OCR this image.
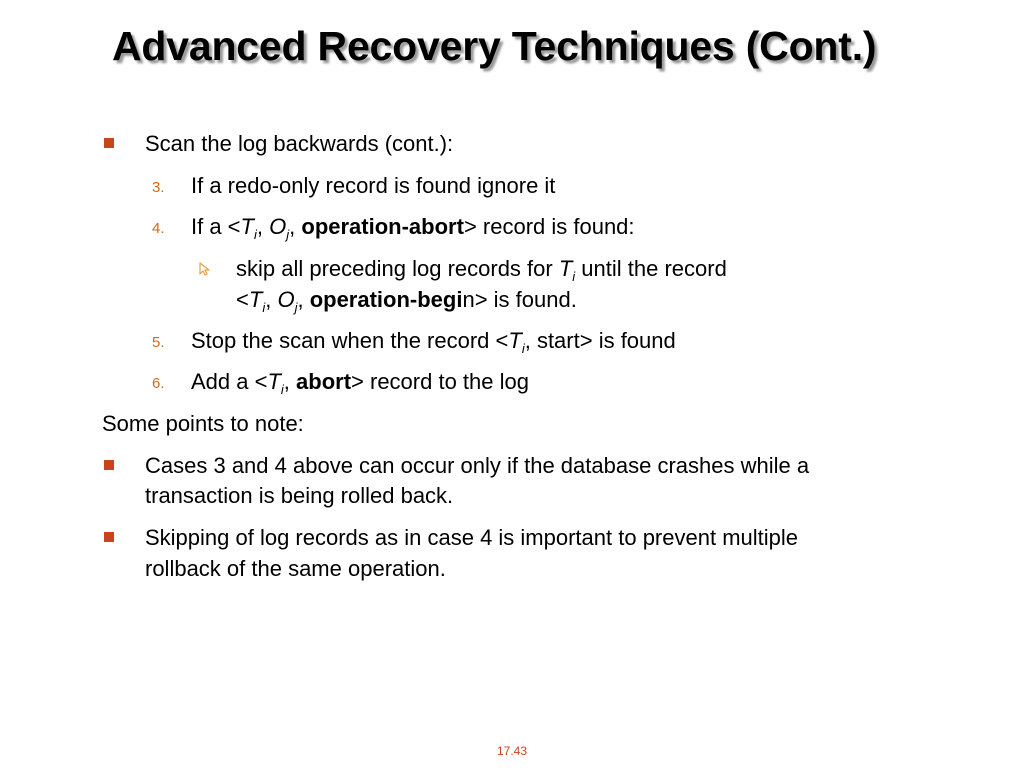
Advanced Recovery Techniques (Cont.)
Scan the log backwards (cont.):
3. If a redo-only record is found ignore it
4. If $a <T_i$, $O_j$, operation-abort> record is found:
skip all preceding log records for $T_i$ until the record
$<T_i$, $O_j$, operation-begin> is found.
5. Stop the scan when the record $<T_i$, start> is found
6. Add $a <T_i$, abort> record to the log
Some points to note:
Cases 3 and 4 above can occur only if the database crashes while a
transaction is being rolled back.
Skipping of log records as in case 4 is important to prevent multiple
rollback of the same operation.
17.43
